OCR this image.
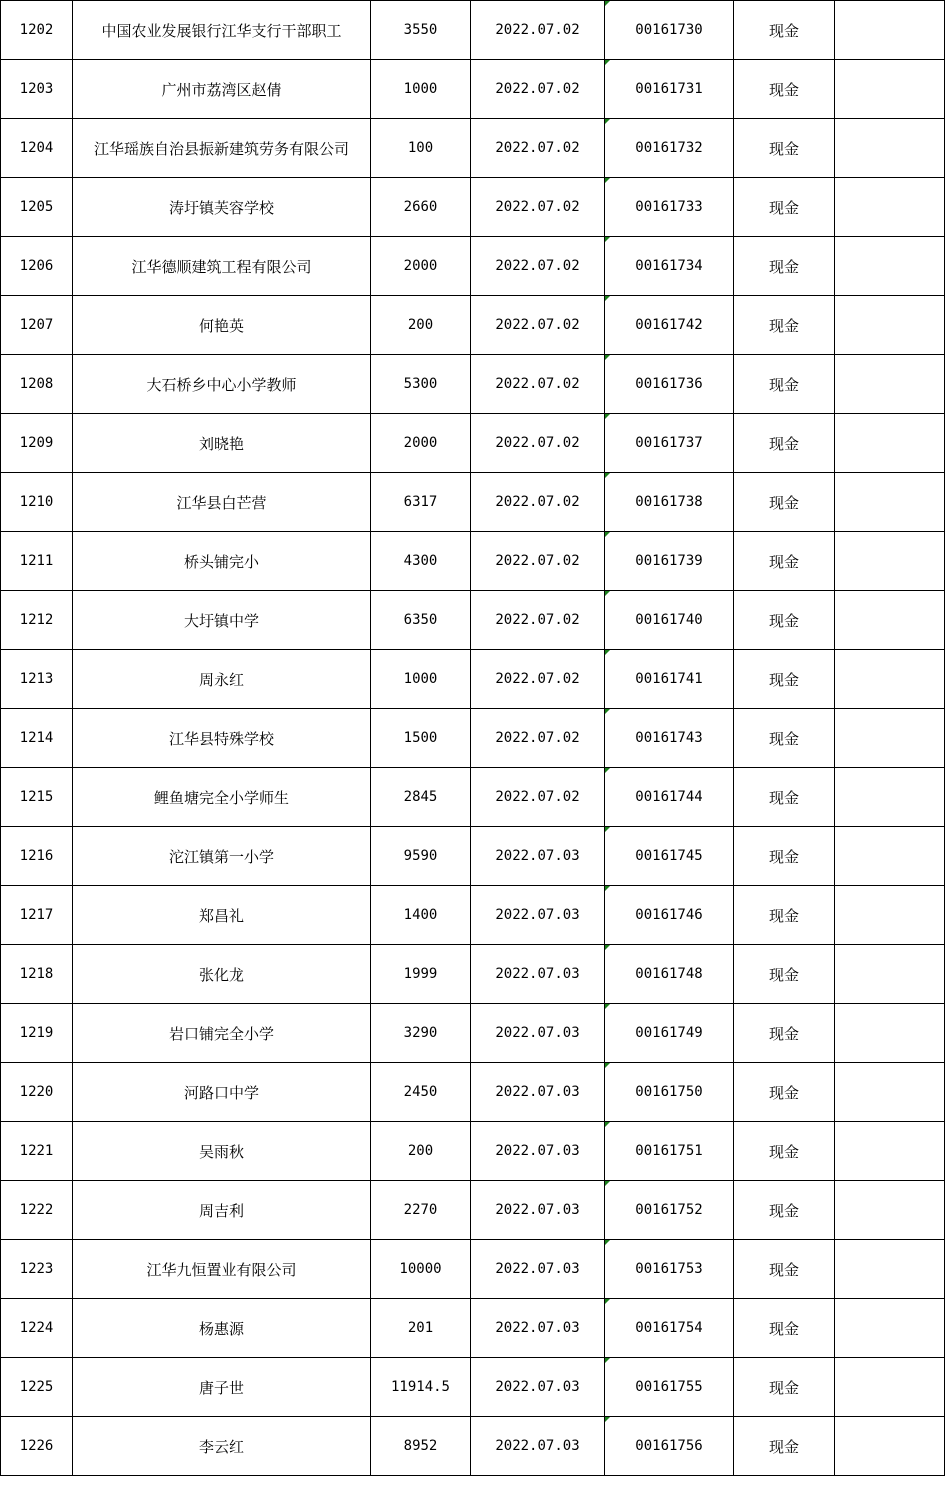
1202	中国农业发展银行江华支行干部职工	3550	2022.07.02	00161730	现金	
1203	广州市荔湾区赵倩	1000	2022.07.02	00161731	现金	
1204	江华瑶族自治县振新建筑劳务有限公司	100	2022.07.02	00161732	现金	
1205	涛圩镇芙容学校	2660	2022.07.02	00161733	现金	
1206	江华德顺建筑工程有限公司	2000	2022.07.02	00161734	现金	
1207	何艳英	200	2022.07.02	00161742	现金	
1208	大石桥乡中心小学教师	5300	2022.07.02	00161736	现金	
1209	刘晓艳	2000	2022.07.02	00161737	现金	
1210	江华县白芒营	6317	2022.07.02	00161738	现金	
1211	桥头铺完小	4300	2022.07.02	00161739	现金	
1212	大圩镇中学	6350	2022.07.02	00161740	现金	
1213	周永红	1000	2022.07.02	00161741	现金	
1214	江华县特殊学校	1500	2022.07.02	00161743	现金	
1215	鲤鱼塘完全小学师生	2845	2022.07.02	00161744	现金	
1216	沱江镇第一小学	9590	2022.07.03	00161745	现金	
1217	郑昌礼	1400	2022.07.03	00161746	现金	
1218	张化龙	1999	2022.07.03	00161748	现金	
1219	岩口铺完全小学	3290	2022.07.03	00161749	现金	
1220	河路口中学	2450	2022.07.03	00161750	现金	
1221	吴雨秋	200	2022.07.03	00161751	现金	
1222	周吉利	2270	2022.07.03	00161752	现金	
1223	江华九恒置业有限公司	10000	2022.07.03	00161753	现金	
1224	杨惠源	201	2022.07.03	00161754	现金	
1225	唐子世	11914.5	2022.07.03	00161755	现金	
1226	李云红	8952	2022.07.03	00161756	现金	
